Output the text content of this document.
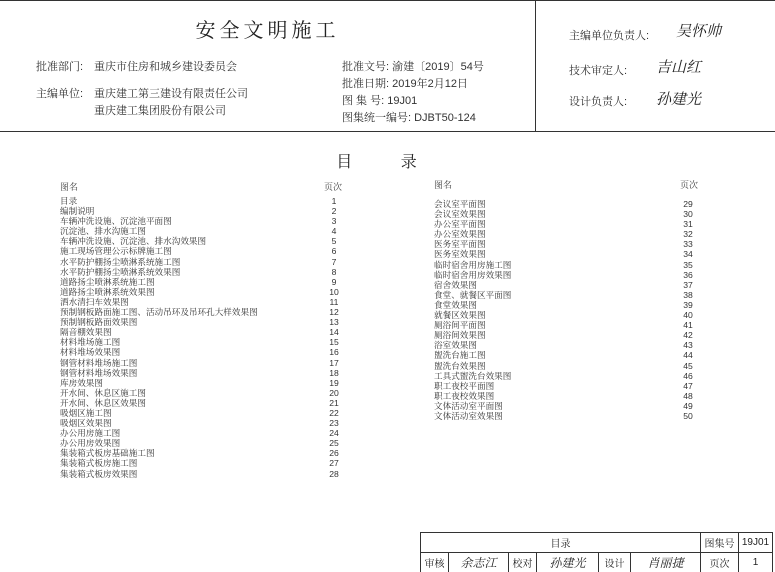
安全文明施工
批准部门: 重庆市住房和城乡建设委员会
主编单位: 重庆建工第三建设有限责任公司
重庆建工集团股份有限公司
批准文号: 渝建〔2019〕54号
批准日期: 2019年2月12日
图 集 号: 19J01
图集统一编号: DJBT50-124
主编单位负责人: 吴怀帅
技术审定人: 吉山红
设计负责人: 孙建光
目 录
图名	页次	图名	页次
目录	1
编制说明	2
车辆冲洗设施、沉淀池平面图	3
沉淀池、排水沟施工图	4
车辆冲洗设施、沉淀池、排水沟效果图	5
施工现场管理公示标牌施工图	6
水平防护棚扬尘喷淋系统施工图	7
水平防护棚扬尘喷淋系统效果图	8
道路扬尘喷淋系统施工图	9
道路扬尘喷淋系统效果图	10
洒水清扫车效果图	11
预制钢板路面施工图、活动吊环及吊环孔大样效果图	12
预制钢板路面效果图	13
隔音棚效果图	14
材料堆场施工图	15
材料堆场效果图	16
钢管材料堆场施工图	17
钢管材料堆场效果图	18
库房效果图	19
开水间、休息区施工图	20
开水间、休息区效果图	21
吸烟区施工图	22
吸烟区效果图	23
办公用房施工图	24
办公用房效果图	25
集装箱式板房基础施工图	26
集装箱式板房施工图	27
集装箱式板房效果图	28
会议室平面图	29
会议室效果图	30
办公室平面图	31
办公室效果图	32
医务室平面图	33
医务室效果图	34
临时宿舍用房施工图	35
临时宿舍用房效果图	36
宿舍效果图	37
食堂、就餐区平面图	38
食堂效果图	39
就餐区效果图	40
厕浴间平面图	41
厕浴间效果图	42
浴室效果图	43
盥洗台施工图	44
盥洗台效果图	45
工具式盥洗台效果图	46
职工夜校平面图	47
职工夜校效果图	48
文体活动室平面图	49
文体活动室效果图	50
目录						图集号	19J01
审核	余志江	校对	孙建光	设计	肖丽捷	页次	1
